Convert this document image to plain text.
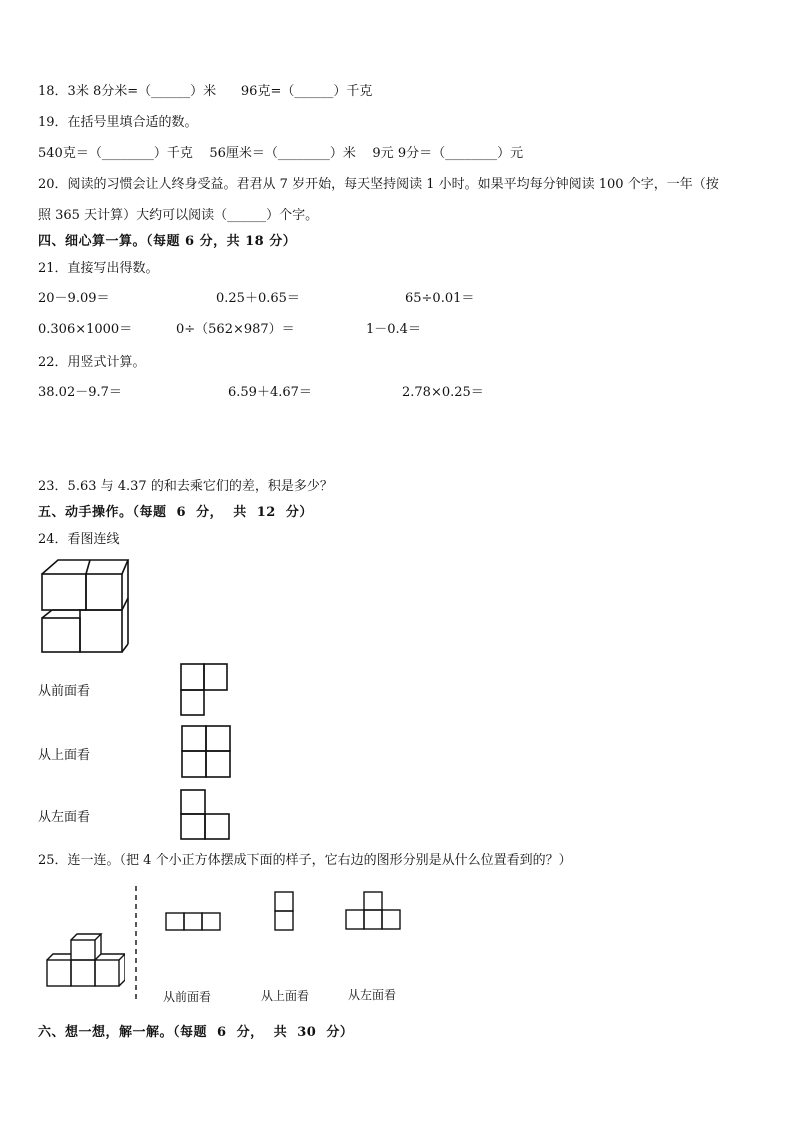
18．3米 8分米=（______）米      96克=（______）千克
19．在括号里填合适的数。
540克＝（________）千克    56厘米＝（________）米    9元 9分＝（________）元
20．阅读的习惯会让人终身受益。君君从 7 岁开始，每天坚持阅读 1 小时。如果平均每分钟阅读 100 个字，一年（按
照 365 天计算）大约可以阅读（______）个字。
四、细心算一算。（每题 6 分，共 18 分）
21．直接写出得数。
20－9.09＝	0.25＋0.65＝	65÷0.01＝
0.306×1000＝	0÷（562×987）＝	1－0.4＝
22．用竖式计算。
38.02－9.7＝	6.59＋4.67＝	2.78×0.25＝
23．5.63 与 4.37 的和去乘它们的差，积是多少？
五、动手操作。（每题  6  分，  共  12  分）
24．看图连线
从前面看
从上面看
从左面看
25．连一连。（把 4 个小正方体摆成下面的样子，它右边的图形分别是从什么位置看到的？）
从前面看	从上面看	从左面看
六、想一想，解一解。（每题  6  分，  共  30  分）
